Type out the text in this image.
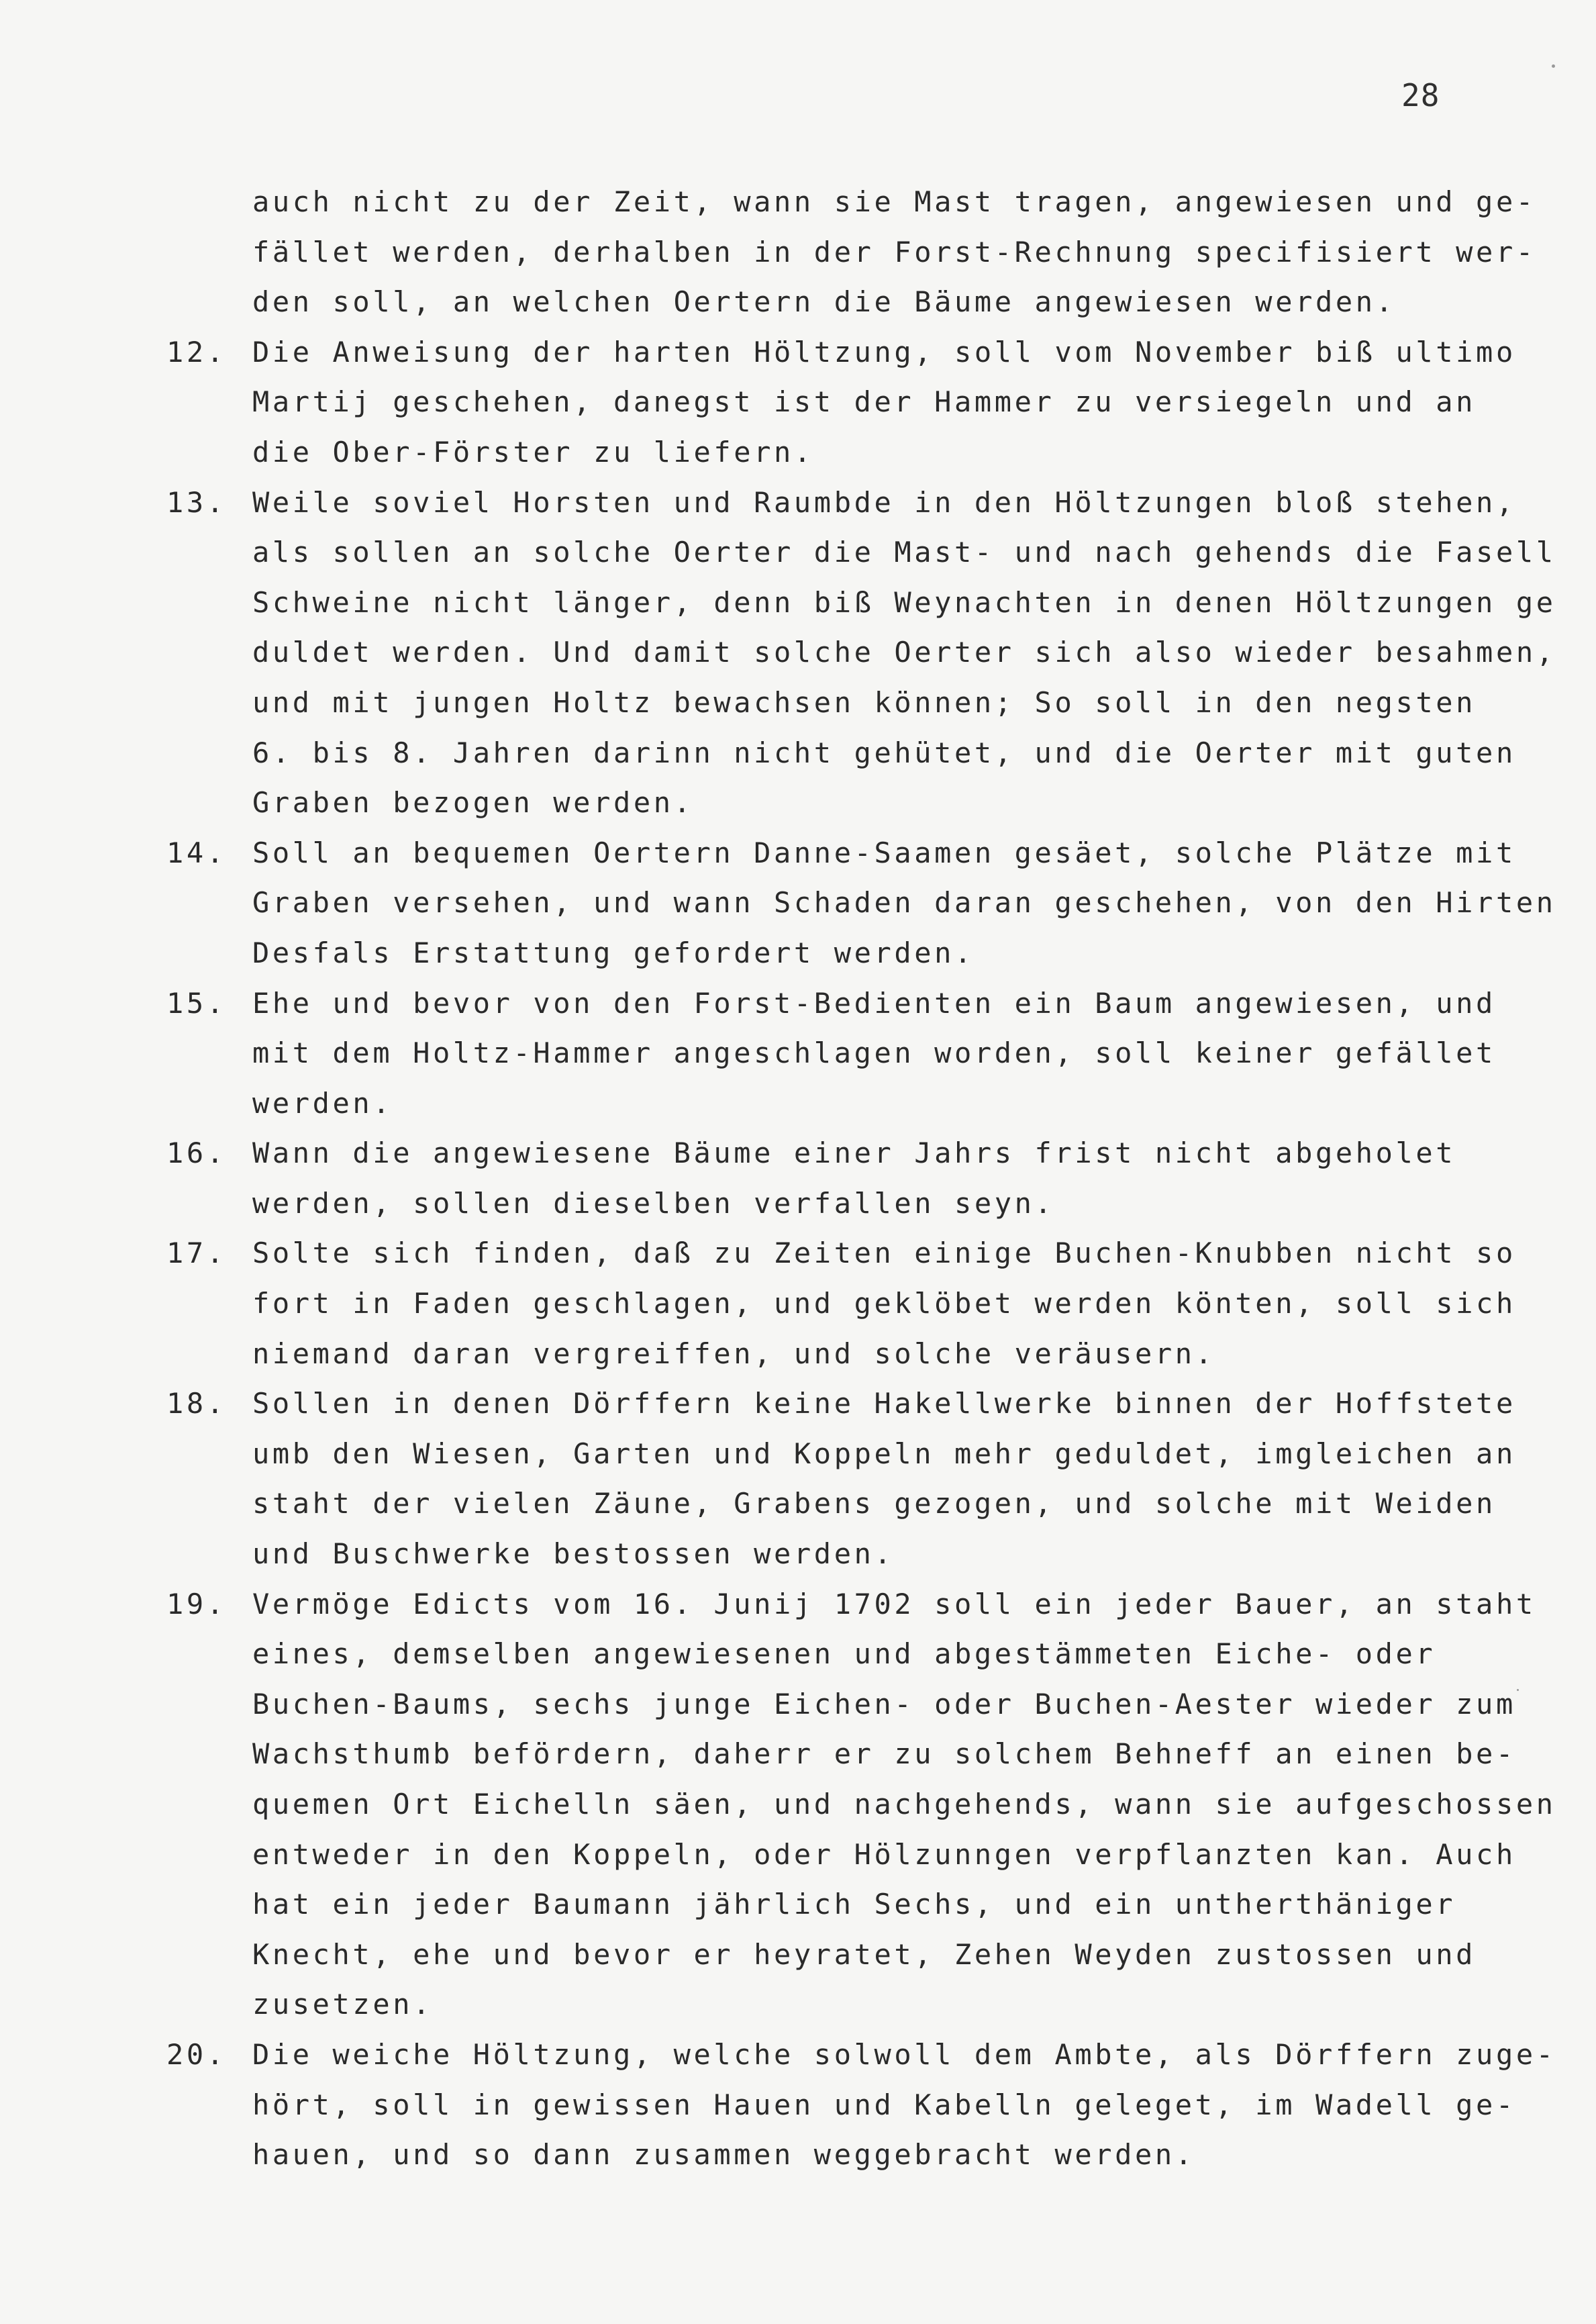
28
auch nicht zu der Zeit, wann sie Mast tragen, angewiesen und ge-
fället werden, derhalben in der Forst-Rechnung specifisiert wer-
den soll, an welchen Oertern die Bäume angewiesen werden.
12. Die Anweisung der harten Höltzung, soll vom November biß ultimo
Martij geschehen, danegst ist der Hammer zu versiegeln und an
die Ober-Förster zu liefern.
13. Weile soviel Horsten und Raumbde in den Höltzungen bloß stehen,
als sollen an solche Oerter die Mast- und nach gehends die Fasell
Schweine nicht länger, denn biß Weynachten in denen Höltzungen ge
duldet werden. Und damit solche Oerter sich also wieder besahmen,
und mit jungen Holtz bewachsen können; So soll in den negsten
6. bis 8. Jahren darinn nicht gehütet, und die Oerter mit guten
Graben bezogen werden.
14. Soll an bequemen Oertern Danne-Saamen gesäet, solche Plätze mit
Graben versehen, und wann Schaden daran geschehen, von den Hirten
Desfals Erstattung gefordert werden.
15. Ehe und bevor von den Forst-Bedienten ein Baum angewiesen, und
mit dem Holtz-Hammer angeschlagen worden, soll keiner gefället
werden.
16. Wann die angewiesene Bäume einer Jahrs frist nicht abgeholet
werden, sollen dieselben verfallen seyn.
17. Solte sich finden, daß zu Zeiten einige Buchen-Knubben nicht so
fort in Faden geschlagen, und geklöbet werden könten, soll sich
niemand daran vergreiffen, und solche veräusern.
18. Sollen in denen Dörffern keine Hakellwerke binnen der Hoffstete
umb den Wiesen, Garten und Koppeln mehr geduldet, imgleichen an
staht der vielen Zäune, Grabens gezogen, und solche mit Weiden
und Buschwerke bestossen werden.
19. Vermöge Edicts vom 16. Junij 1702 soll ein jeder Bauer, an staht
eines, demselben angewiesenen und abgestämmeten Eiche- oder
Buchen-Baums, sechs junge Eichen- oder Buchen-Aester wieder zum
Wachsthumb befördern, daherr er zu solchem Behneff an einen be-
quemen Ort Eichelln säen, und nachgehends, wann sie aufgeschossen
entweder in den Koppeln, oder Hölzunngen verpflanzten kan. Auch
hat ein jeder Baumann jährlich Sechs, und ein untherthäniger
Knecht, ehe und bevor er heyratet, Zehen Weyden zustossen und
zusetzen.
20. Die weiche Höltzung, welche solwoll dem Ambte, als Dörffern zuge-
hört, soll in gewissen Hauen und Kabelln geleget, im Wadell ge-
hauen, und so dann zusammen weggebracht werden.
